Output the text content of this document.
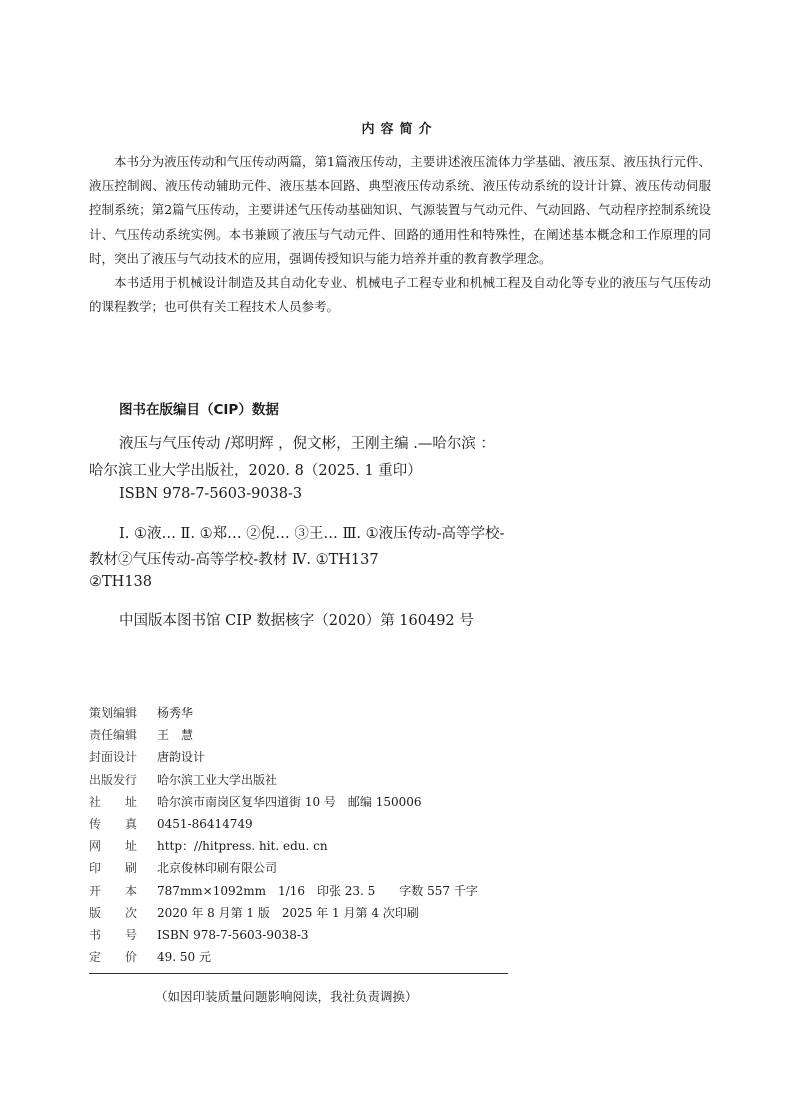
内容简介

本书分为液压传动和气压传动两篇，第1篇液压传动，主要讲述液压流体力学基础、液压泵、液压执行元件、液压控制阀、液压传动辅助元件、液压基本回路、典型液压传动系统、液压传动系统的设计计算、液压传动伺服控制系统；第2篇气压传动，主要讲述气压传动基础知识、气源装置与气动元件、气动回路、气动程序控制系统设计、气压传动系统实例。本书兼顾了液压与气动元件、回路的通用性和特殊性，在阐述基本概念和工作原理的同时，突出了液压与气动技术的应用，强调传授知识与能力培养并重的教育教学理念。

本书适用于机械设计制造及其自动化专业、机械电子工程专业和机械工程及自动化等专业的液压与气压传动的课程教学；也可供有关工程技术人员参考。

图书在版编目（CIP）数据
液压与气压传动 /郑明辉 ，倪文彬，王刚主编 .—哈尔滨 ：
哈尔滨工业大学出版社，2020. 8（2025. 1 重印）
ISBN 978-7-5603-9038-3
Ⅰ. ①液… Ⅱ. ①郑… ②倪… ③王… Ⅲ. ①液压传动-高等学校-
教材②气压传动-高等学校-教材 Ⅳ. ①TH137
②TH138
中国版本图书馆 CIP 数据核字（2020）第 160492 号
策划编辑 杨秀华
责任编辑 王　慧
封面设计 唐韵设计
出版发行 哈尔滨工业大学出版社
社　　址 哈尔滨市南岗区复华四道街 10 号　邮编 150006
传　　真 0451-86414749
网　　址 http：//hitpress. hit. edu. cn
印　　刷 北京俊林印刷有限公司
开　　本 787mm×1092mm　1/16　印张 23. 5　　字数 557 千字
版　　次 2020 年 8 月第 1 版　2025 年 1 月第 4 次印刷
书　　号 ISBN 978-7-5603-9038-3
定　　价 49. 50 元
（如因印装质量问题影响阅读，我社负责调换）
